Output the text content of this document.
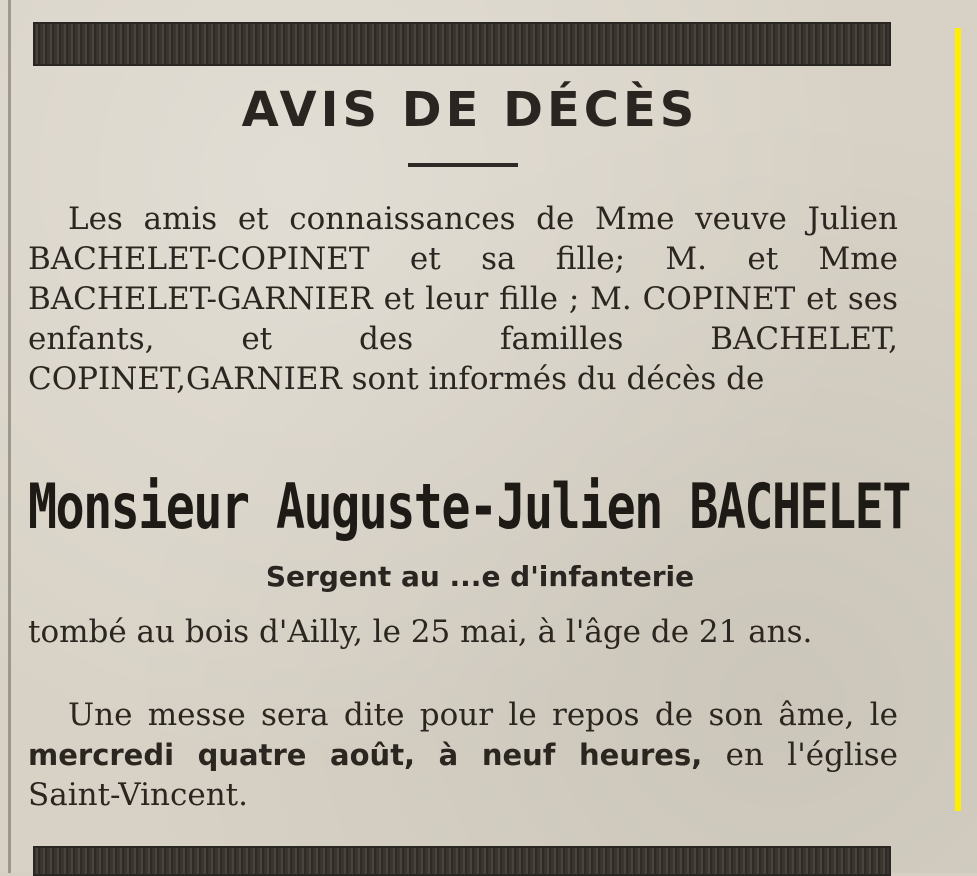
AVIS DE DÉCÈS
Les amis et connaissances de Mme veuve Julien BACHELET-COPINET et sa fille; M. et Mme BACHELET-GARNIER et leur fille ; M. COPINET et ses enfants, et des familles BACHELET, COPINET,GARNIER sont informés du décès de
Monsieur Auguste-Julien BACHELET
Sergent au ...e d'infanterie
tombé au bois d'Ailly, le 25 mai, à l'âge de 21 ans.
Une messe sera dite pour le repos de son âme, le mercredi quatre août, à neuf heures, en l'église Saint-Vincent.
